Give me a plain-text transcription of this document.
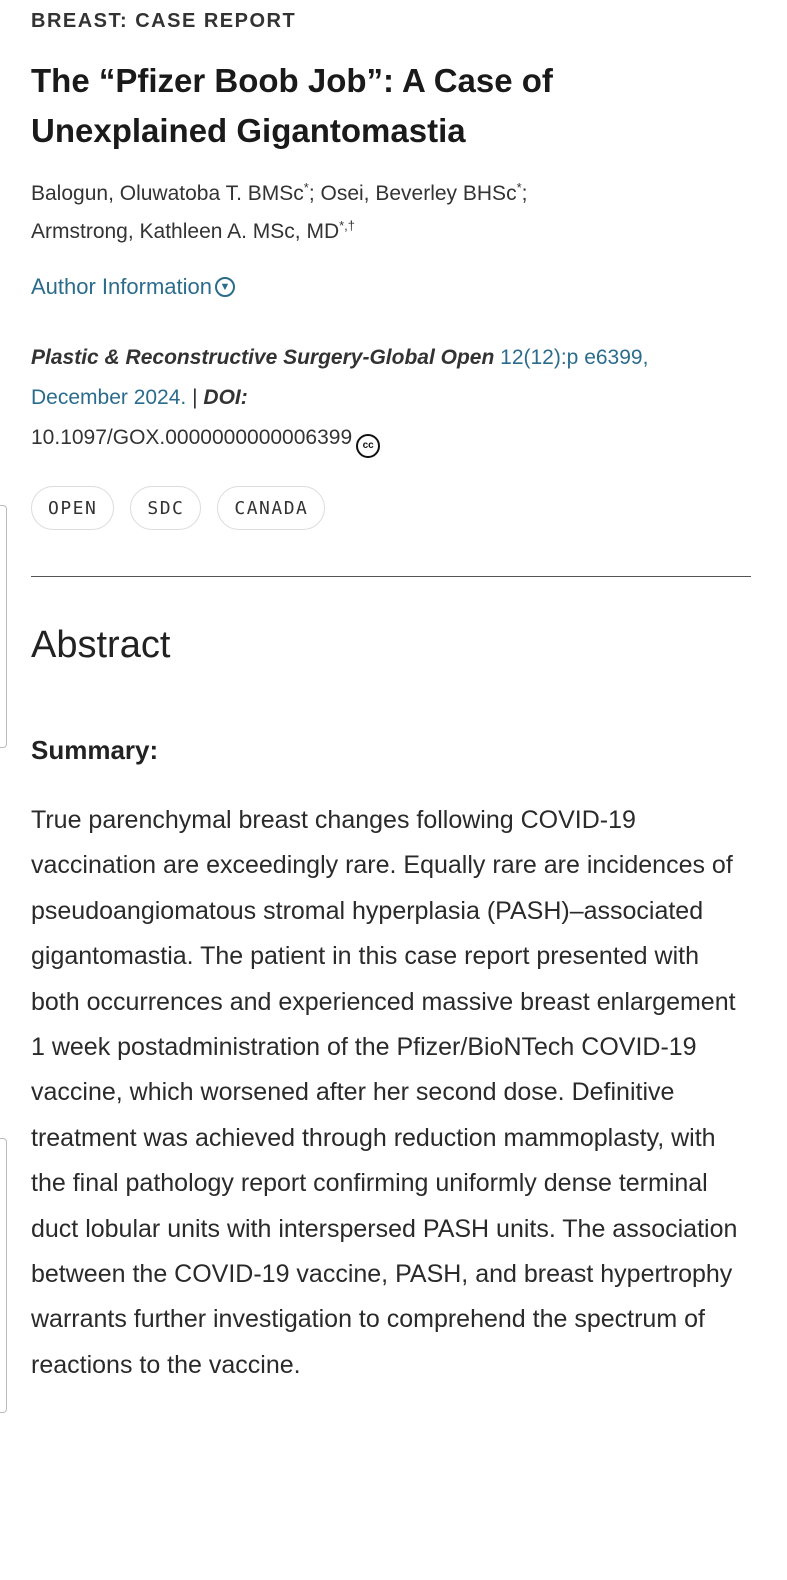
BREAST: CASE REPORT
The “Pfizer Boob Job”: A Case of Unexplained Gigantomastia
Balogun, Oluwatoba T. BMSc*; Osei, Beverley BHSc*;
Armstrong, Kathleen A. MSc, MD*,†
Author Information ▼
Plastic & Reconstructive Surgery-Global Open 12(12):p e6399, December 2024. | DOI:
10.1097/GOX.0000000000006399 cc
OPEN	SDC	CANADA
Abstract
Summary:

True parenchymal breast changes following COVID-19 vaccination are exceedingly rare. Equally rare are incidences of pseudoangiomatous stromal hyperplasia (PASH)–associated gigantomastia. The patient in this case report presented with both occurrences and experienced massive breast enlargement 1 week postadministration of the Pfizer/BioNTech COVID-19 vaccine, which worsened after her second dose. Definitive treatment was achieved through reduction mammoplasty, with the final pathology report confirming uniformly dense terminal duct lobular units with interspersed PASH units. The association between the COVID-19 vaccine, PASH, and breast hypertrophy warrants further investigation to comprehend the spectrum of reactions to the vaccine.
